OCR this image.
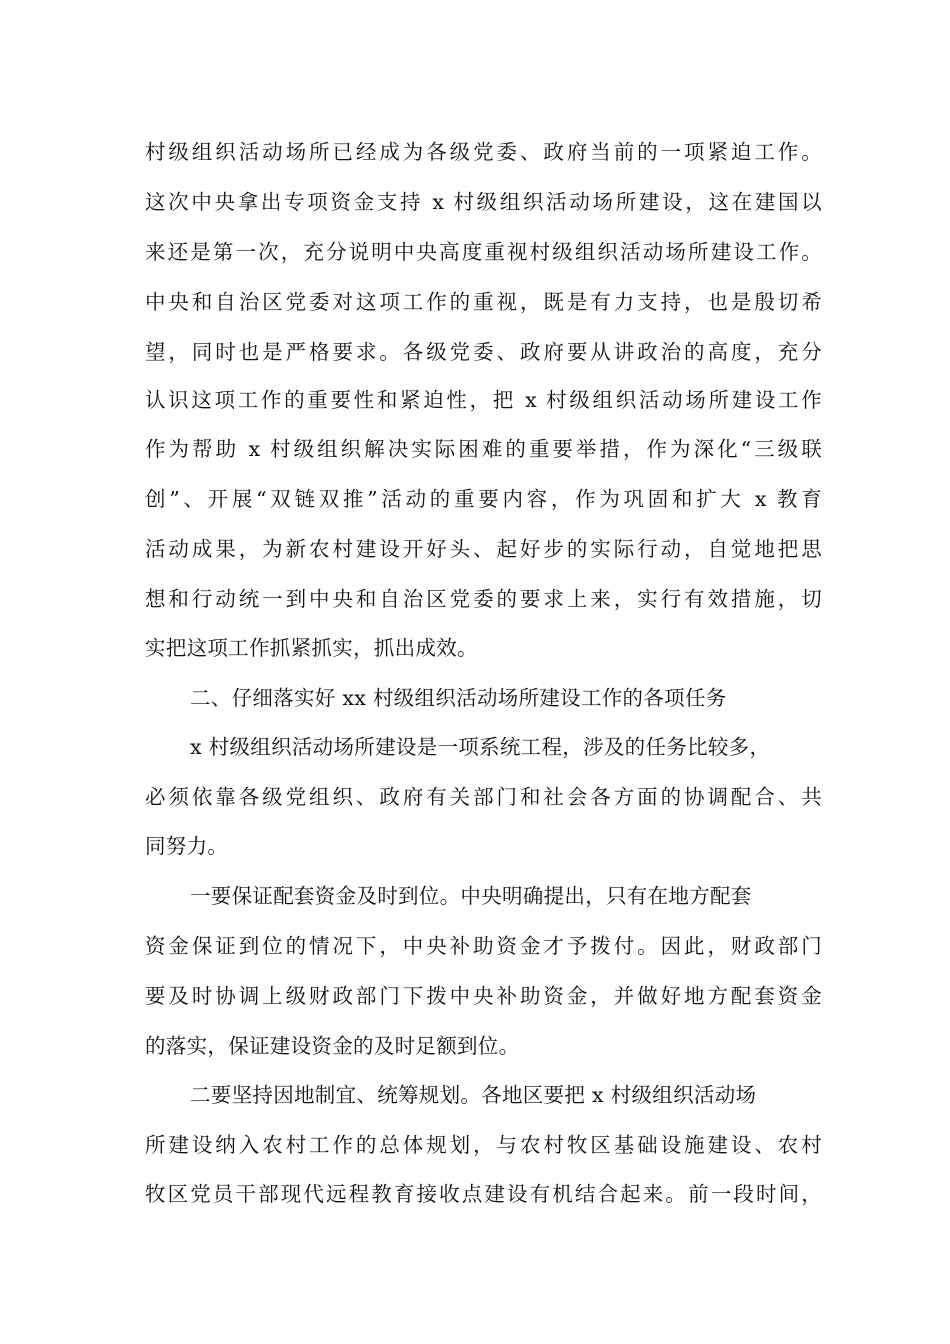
村级组织活动场所已经成为各级党委、政府当前的一项紧迫工作。
这次中央拿出专项资金支持 x 村级组织活动场所建设，这在建国以
来还是第一次，充分说明中央高度重视村级组织活动场所建设工作。
中央和自治区党委对这项工作的重视，既是有力支持，也是殷切希
望，同时也是严格要求。各级党委、政府要从讲政治的高度，充分
认识这项工作的重要性和紧迫性，把 x 村级组织活动场所建设工作
作为帮助 x 村级组织解决实际困难的重要举措，作为深化“三级联
创”、开展“双链双推”活动的重要内容，作为巩固和扩大 x 教育
活动成果，为新农村建设开好头、起好步的实际行动，自觉地把思
想和行动统一到中央和自治区党委的要求上来，实行有效措施，切
实把这项工作抓紧抓实，抓出成效。
二、仔细落实好 xx 村级组织活动场所建设工作的各项任务
x 村级组织活动场所建设是一项系统工程，涉及的任务比较多，
必须依靠各级党组织、政府有关部门和社会各方面的协调配合、共
同努力。
一要保证配套资金及时到位。中央明确提出，只有在地方配套
资金保证到位的情况下，中央补助资金才予拨付。因此，财政部门
要及时协调上级财政部门下拨中央补助资金，并做好地方配套资金
的落实，保证建设资金的及时足额到位。
二要坚持因地制宜、统筹规划。各地区要把 x 村级组织活动场
所建设纳入农村工作的总体规划，与农村牧区基础设施建设、农村
牧区党员干部现代远程教育接收点建设有机结合起来。前一段时间，
